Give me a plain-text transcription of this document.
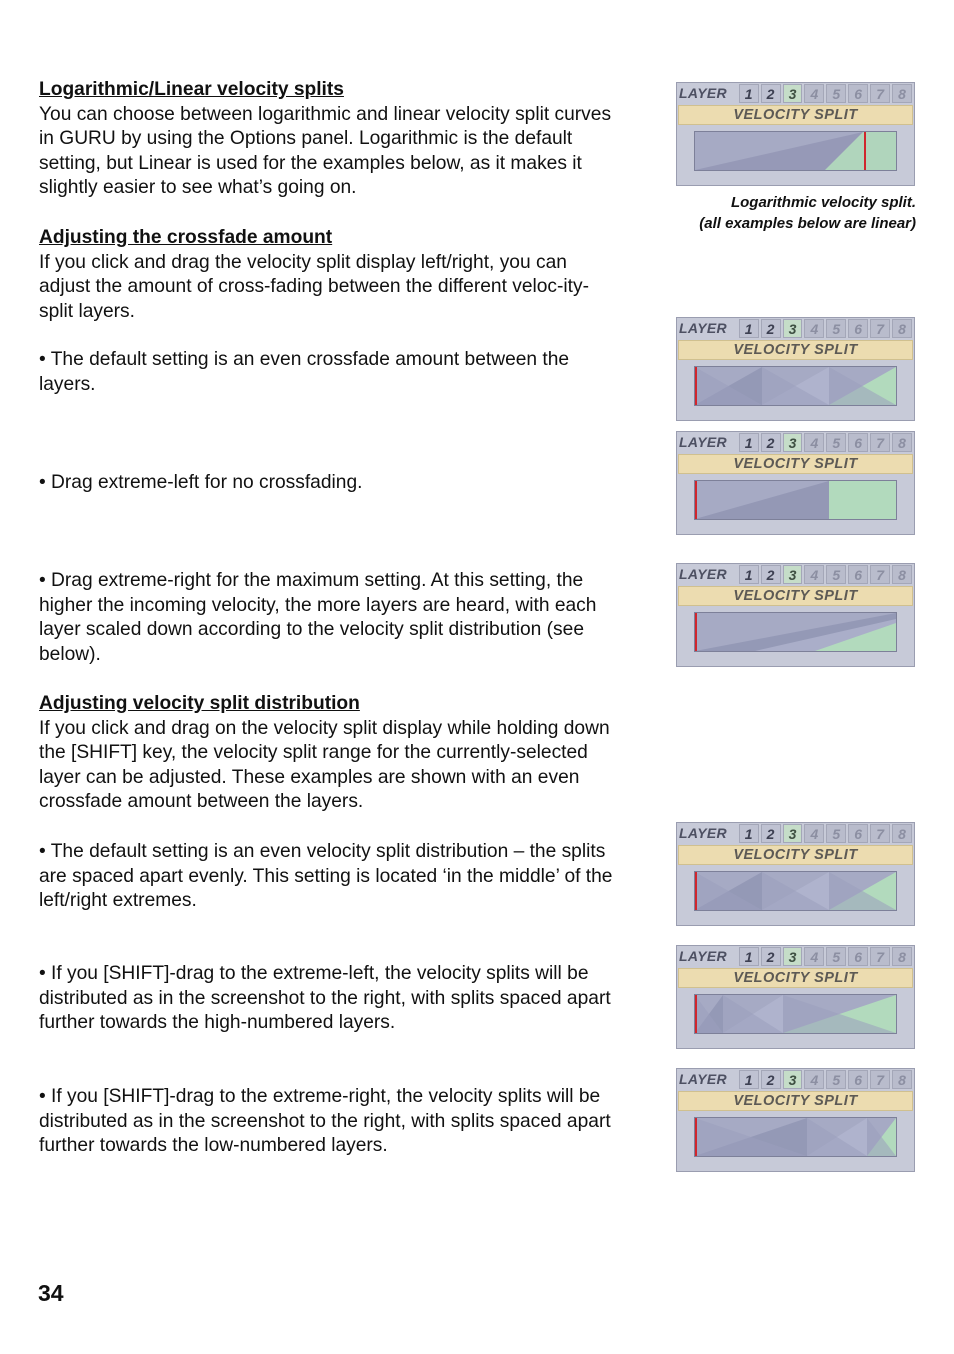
Logarithmic/Linear velocity splits

You can choose between logarithmic and linear velocity split curves in GURU by using the Options panel. Logarithmic is the default setting, but Linear is used for the examples below, as it makes it slightly easier to see what’s going on.

Adjusting the crossfade amount

If you click and drag the velocity split display left/right, you can adjust the amount of cross-fading between the different veloc-ity-split layers.

• The default setting is an even crossfade amount between the layers.
• Drag extreme-left for no crossfading.
• Drag extreme-right for the maximum setting. At this setting, the higher the incoming velocity, the more layers are heard, with each layer scaled down according to the velocity split distribution (see below).

Adjusting velocity split distribution

If you click and drag on the velocity split display while holding down the [SHIFT] key, the velocity split range for the currently-selected layer can be adjusted. These examples are shown with an even crossfade amount between the layers.

• The default setting is an even velocity split distribution – the splits are spaced apart evenly. This setting is located ‘in the middle’ of the left/right extremes.
• If you [SHIFT]-drag to the extreme-left, the velocity splits will be distributed as in the screenshot to the right, with splits spaced apart further towards the high-numbered layers.
• If you [SHIFT]-drag to the extreme-right, the velocity splits will be distributed as in the screenshot to the right, with splits spaced apart further towards the low-numbered layers.
Logarithmic velocity split.
(all examples below are linear)
34
LAYER	1	2	3	4	5	6	7	8
VELOCITY SPLIT
LAYER	1	2	3	4	5	6	7	8
VELOCITY SPLIT
LAYER	1	2	3	4	5	6	7	8
VELOCITY SPLIT
LAYER	1	2	3	4	5	6	7	8
VELOCITY SPLIT
LAYER	1	2	3	4	5	6	7	8
VELOCITY SPLIT
LAYER	1	2	3	4	5	6	7	8
VELOCITY SPLIT
LAYER	1	2	3	4	5	6	7	8
VELOCITY SPLIT
